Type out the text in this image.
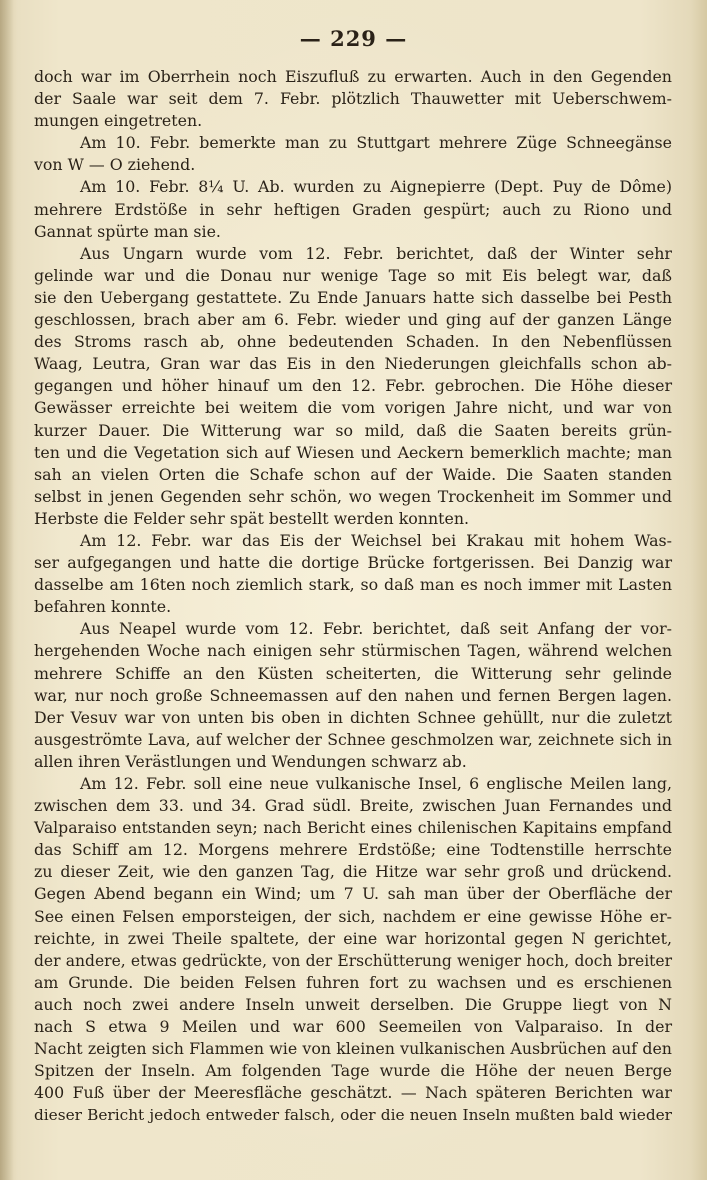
— 229 —
doch war im Oberrhein noch Eiszufluß zu erwarten. Auch in den Gegenden
der Saale war seit dem 7. Febr. plötzlich Thauwetter mit Ueberschwem-
mungen eingetreten.
Am 10. Febr. bemerkte man zu Stuttgart mehrere Züge Schneegänse
von W — O ziehend.
Am 10. Febr. 8¼ U. Ab. wurden zu Aignepierre (Dept. Puy de Dôme)
mehrere Erdstöße in sehr heftigen Graden gespürt; auch zu Riono und
Gannat spürte man sie.
Aus Ungarn wurde vom 12. Febr. berichtet, daß der Winter sehr
gelinde war und die Donau nur wenige Tage so mit Eis belegt war, daß
sie den Uebergang gestattete. Zu Ende Januars hatte sich dasselbe bei Pesth
geschlossen, brach aber am 6. Febr. wieder und ging auf der ganzen Länge
des Stroms rasch ab, ohne bedeutenden Schaden. In den Nebenflüssen
Waag, Leutra, Gran war das Eis in den Niederungen gleichfalls schon ab-
gegangen und höher hinauf um den 12. Febr. gebrochen. Die Höhe dieser
Gewässer erreichte bei weitem die vom vorigen Jahre nicht, und war von
kurzer Dauer. Die Witterung war so mild, daß die Saaten bereits grün-
ten und die Vegetation sich auf Wiesen und Aeckern bemerklich machte; man
sah an vielen Orten die Schafe schon auf der Waide. Die Saaten standen
selbst in jenen Gegenden sehr schön, wo wegen Trockenheit im Sommer und
Herbste die Felder sehr spät bestellt werden konnten.
Am 12. Febr. war das Eis der Weichsel bei Krakau mit hohem Was-
ser aufgegangen und hatte die dortige Brücke fortgerissen. Bei Danzig war
dasselbe am 16ten noch ziemlich stark, so daß man es noch immer mit Lasten
befahren konnte.
Aus Neapel wurde vom 12. Febr. berichtet, daß seit Anfang der vor-
hergehenden Woche nach einigen sehr stürmischen Tagen, während welchen
mehrere Schiffe an den Küsten scheiterten, die Witterung sehr gelinde
war, nur noch große Schneemassen auf den nahen und fernen Bergen lagen.
Der Vesuv war von unten bis oben in dichten Schnee gehüllt, nur die zuletzt
ausgeströmte Lava, auf welcher der Schnee geschmolzen war, zeichnete sich in
allen ihren Verästlungen und Wendungen schwarz ab.
Am 12. Febr. soll eine neue vulkanische Insel, 6 englische Meilen lang,
zwischen dem 33. und 34. Grad südl. Breite, zwischen Juan Fernandes und
Valparaiso entstanden seyn; nach Bericht eines chilenischen Kapitains empfand
das Schiff am 12. Morgens mehrere Erdstöße; eine Todtenstille herrschte
zu dieser Zeit, wie den ganzen Tag, die Hitze war sehr groß und drückend.
Gegen Abend begann ein Wind; um 7 U. sah man über der Oberfläche der
See einen Felsen emporsteigen, der sich, nachdem er eine gewisse Höhe er-
reichte, in zwei Theile spaltete, der eine war horizontal gegen N gerichtet,
der andere, etwas gedrückte, von der Erschütterung weniger hoch, doch breiter
am Grunde. Die beiden Felsen fuhren fort zu wachsen und es erschienen
auch noch zwei andere Inseln unweit derselben. Die Gruppe liegt von N
nach S etwa 9 Meilen und war 600 Seemeilen von Valparaiso. In der
Nacht zeigten sich Flammen wie von kleinen vulkanischen Ausbrüchen auf den
Spitzen der Inseln. Am folgenden Tage wurde die Höhe der neuen Berge
400 Fuß über der Meeresfläche geschätzt. — Nach späteren Berichten war
dieser Bericht jedoch entweder falsch, oder die neuen Inseln mußten bald wieder
